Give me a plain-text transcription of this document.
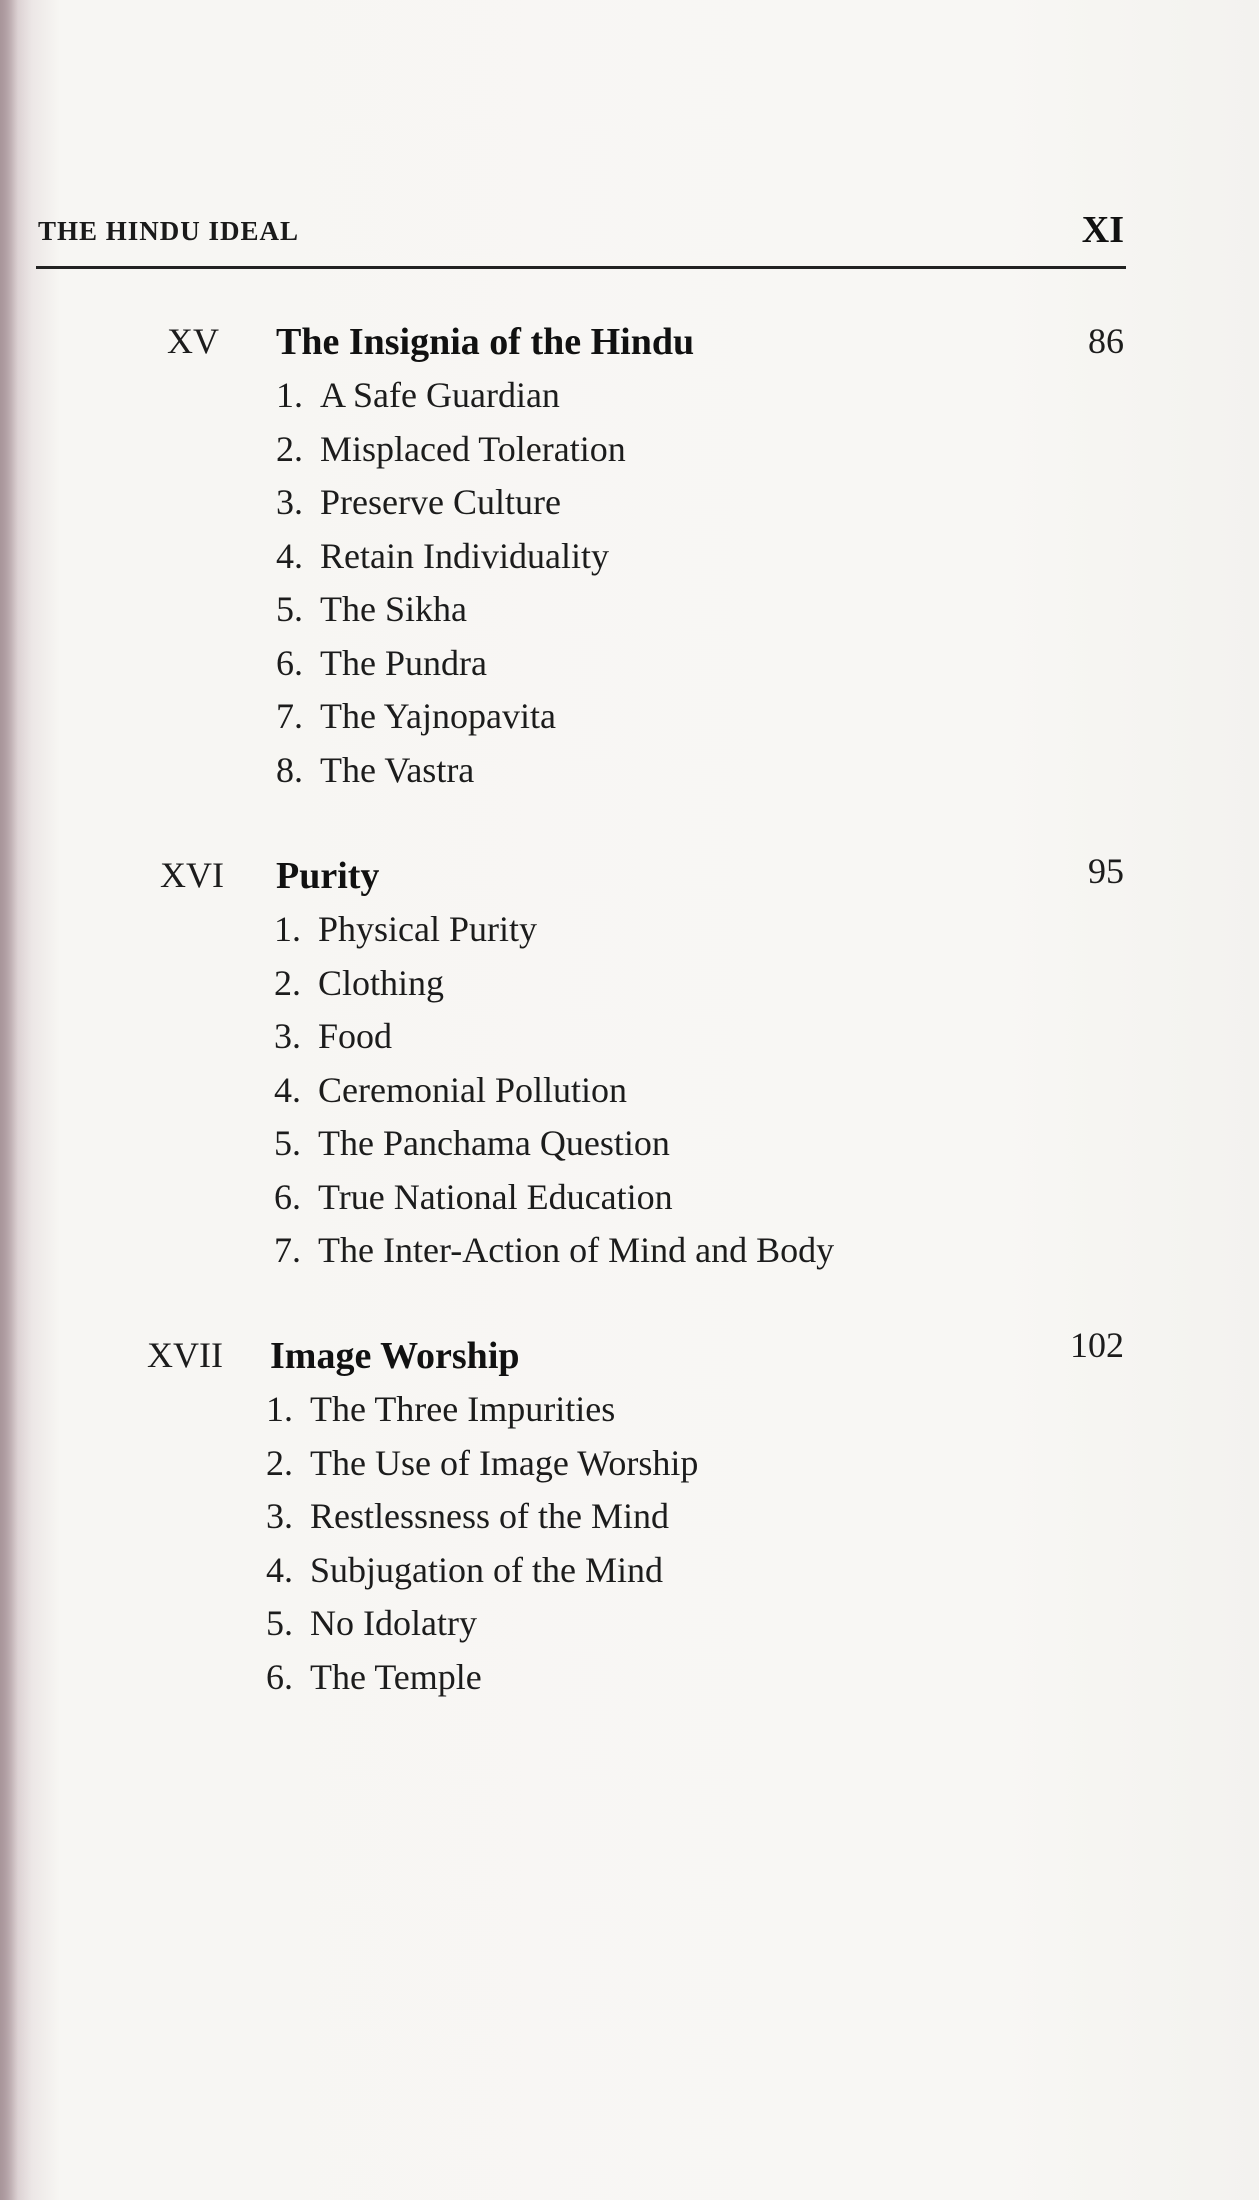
THE HINDU IDEAL	XI
XV The Insignia of the Hindu	86
1. A Safe Guardian
2. Misplaced Toleration
3. Preserve Culture
4. Retain Individuality
5. The Sikha
6. The Pundra
7. The Yajnopavita
8. The Vastra
XVI Purity	95
1. Physical Purity
2. Clothing
3. Food
4. Ceremonial Pollution
5. The Panchama Question
6. True National Education
7. The Inter-Action of Mind and Body
XVII Image Worship	102
1. The Three Impurities
2. The Use of Image Worship
3. Restlessness of the Mind
4. Subjugation of the Mind
5. No Idolatry
6. The Temple
